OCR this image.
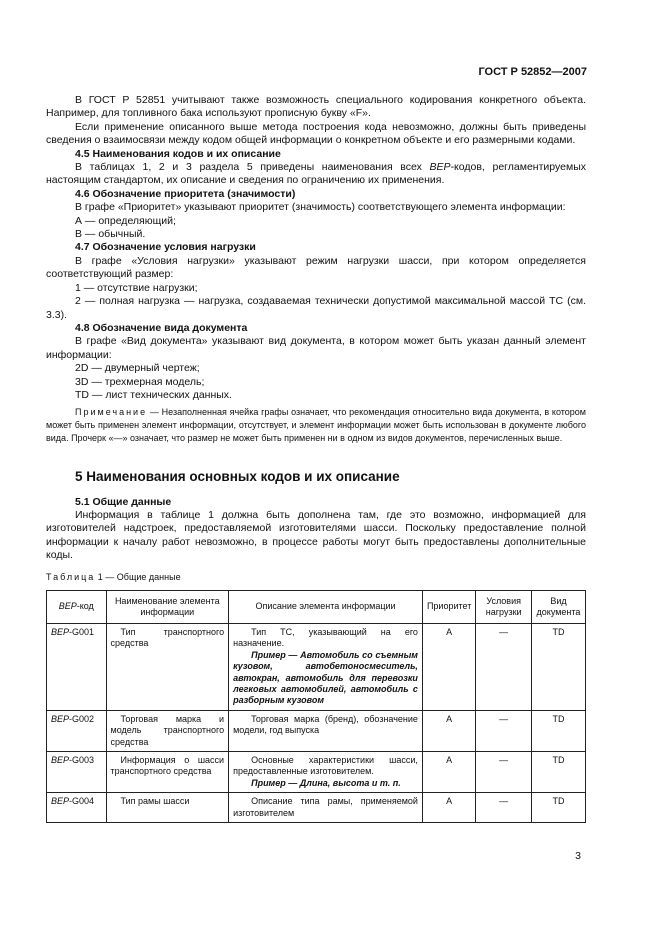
ГОСТ Р 52852—2007

В ГОСТ Р 52851 учитывают также возможность специального кодирования конкретного объекта. Например, для топливного бака используют прописную букву «F».

Если применение описанного выше метода построения кода невозможно, должны быть приведены сведения о взаимосвязи между кодом общей информации о конкретном объекте и его размерными кодами.

4.5 Наименования кодов и их описание

В таблицах 1, 2 и 3 раздела 5 приведены наименования всех ВЕР-кодов, регламентируемых настоящим стандартом, их описание и сведения по ограничению их применения.

4.6 Обозначение приоритета (значимости)

В графе «Приоритет» указывают приоритет (значимость) соответствующего элемента информации:

А — определяющий;

В — обычный.

4.7 Обозначение условия нагрузки

В графе «Условия нагрузки» указывают режим нагрузки шасси, при котором определяется соответствующий размер:

1 — отсутствие нагрузки;

2 — полная нагрузка — нагрузка, создаваемая технически допустимой максимальной массой ТС (см. 3.3).

4.8 Обозначение вида документа

В графе «Вид документа» указывают вид документа, в котором может быть указан данный элемент информации:

2D — двумерный чертеж;

3D — трехмерная модель;

TD — лист технических данных.

Примечание — Незаполненная ячейка графы означает, что рекомендация относительно вида документа, в котором может быть применен элемент информации, отсутствует, и элемент информации может быть использован в документе любого вида. Прочерк «—» означает, что размер не может быть применен ни в одном из видов документов, перечисленных выше.

5 Наименования основных кодов и их описание

5.1 Общие данные

Информация в таблице 1 должна быть дополнена там, где это возможно, информацией для изготовителей надстроек, предоставляемой изготовителями шасси. Поскольку предоставление полной информации к началу работ невозможно, в процессе работы могут быть предоставлены дополнительные коды.

Таблица 1 — Общие данные

ВЕР-код	Наименование элемента информации	Описание элемента информации	Приоритет	Условия нагрузки	Вид документа
ВЕР-G001	Тип транспортного средства	Тип ТС, указывающий на его назначение.
Пример — Автомобиль со съемным кузовом, автобетоносмеситель, автокран, автомобиль для перевозки легковых автомобилей, автомобиль с разборным кузовом	А	—	TD
ВЕР-G002	Торговая марка и модель транспортного средства	Торговая марка (бренд), обозначение модели, год выпуска	А	—	TD
ВЕР-G003	Информация о шасси транспортного средства	Основные характеристики шасси, предоставленные изготовителем.
Пример — Длина, высота и т. п.	А	—	TD
ВЕР-G004	Тип рамы шасси	Описание типа рамы, применяемой изготовителем	А	—	TD
3
